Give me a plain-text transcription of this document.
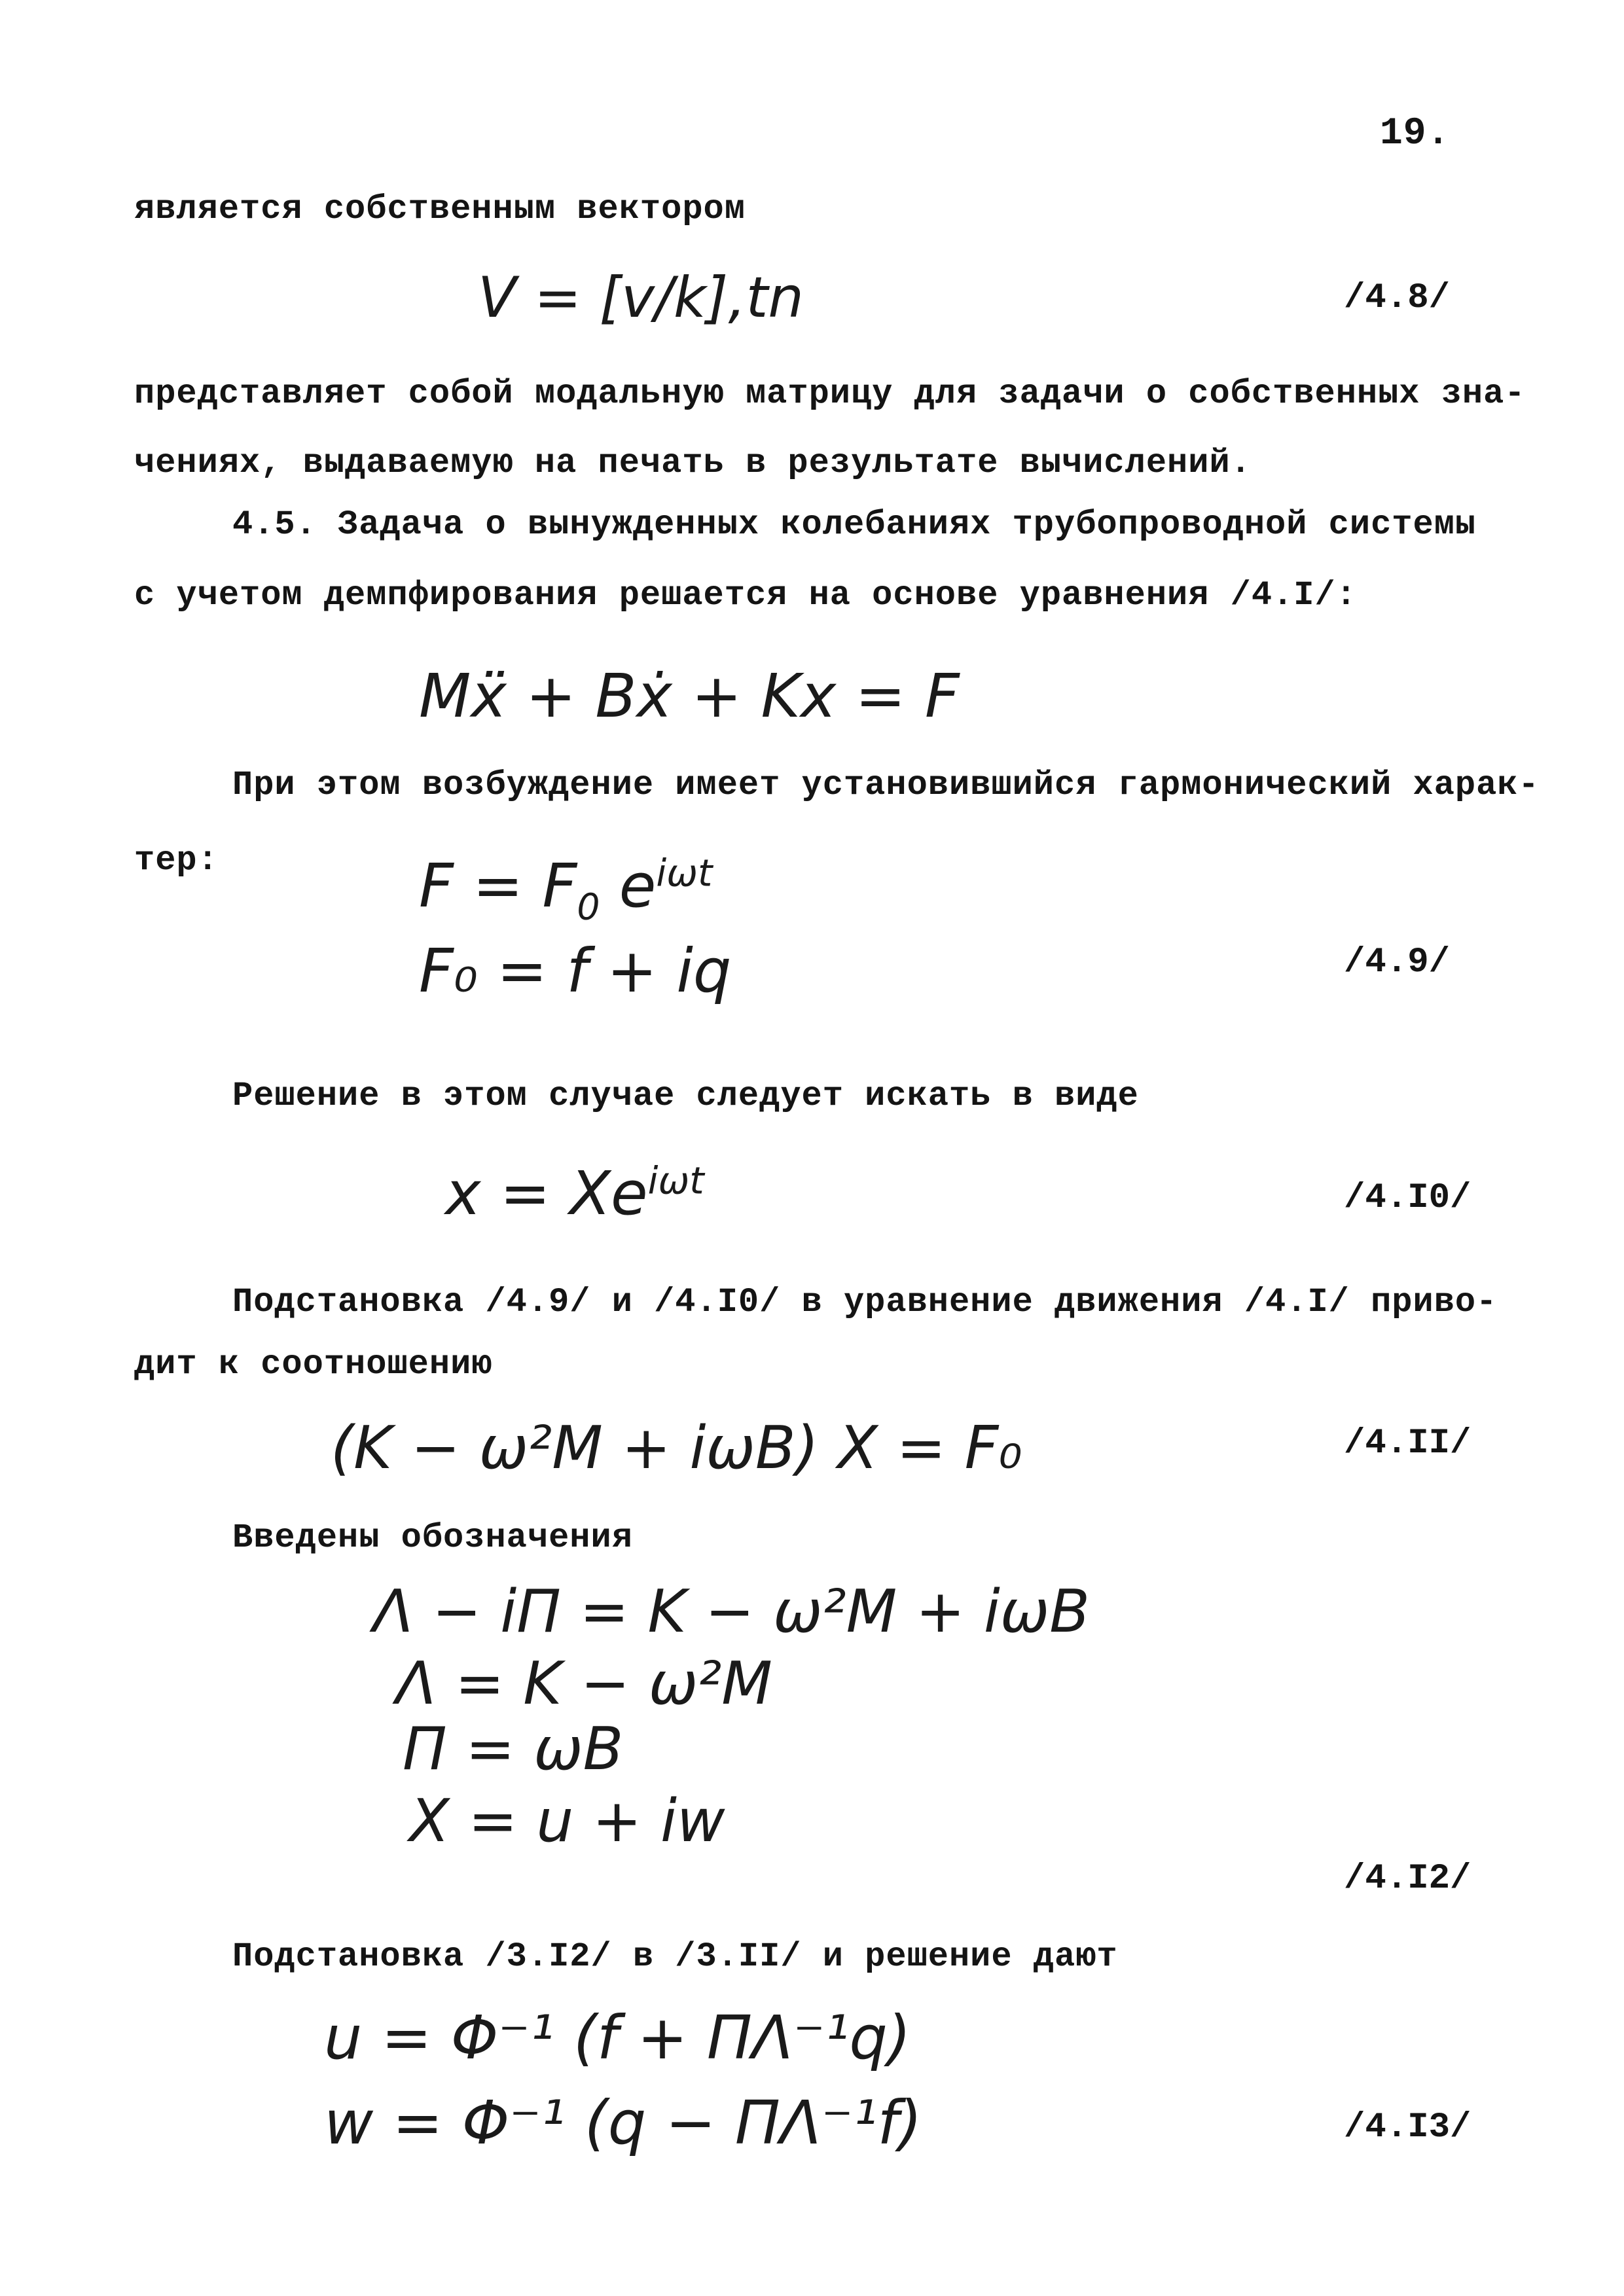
19.
является собственным вектором
V = [v/k],tn	/4.8/
представляет собой модальную матрицу для задачи о собственных зна-
чениях, выдаваемую на печать в результате вычислений.
4.5. Задача о вынужденных колебаниях трубопроводной системы
с учетом демпфирования решается на основе уравнения /4.I/:
Mẍ + Bẋ + Kx = F
При этом возбуждение имеет установившийся гармонический харак-
тер:	$F = F_0$ $e^{i\omega t}$
F₀ = f + iq	/4.9/
Решение в этом случае следует искать в виде
$x = Xe^{i\omega t}$	/4.I0/
Подстановка /4.9/ и /4.I0/ в уравнение движения /4.I/ приво-
дит к соотношению
(K − ω²M + iωB) X = F₀	/4.II/
Введены обозначения
Λ − iΠ = K − ω²M + iωB
Λ = K − ω²M
Π = ωB
X = u + iw
/4.I2/
Подстановка /3.I2/ в /3.II/ и решение дают
u = Φ⁻¹ (f + ΠΛ⁻¹q)
w = Φ⁻¹ (q − ΠΛ⁻¹f)	/4.I3/
